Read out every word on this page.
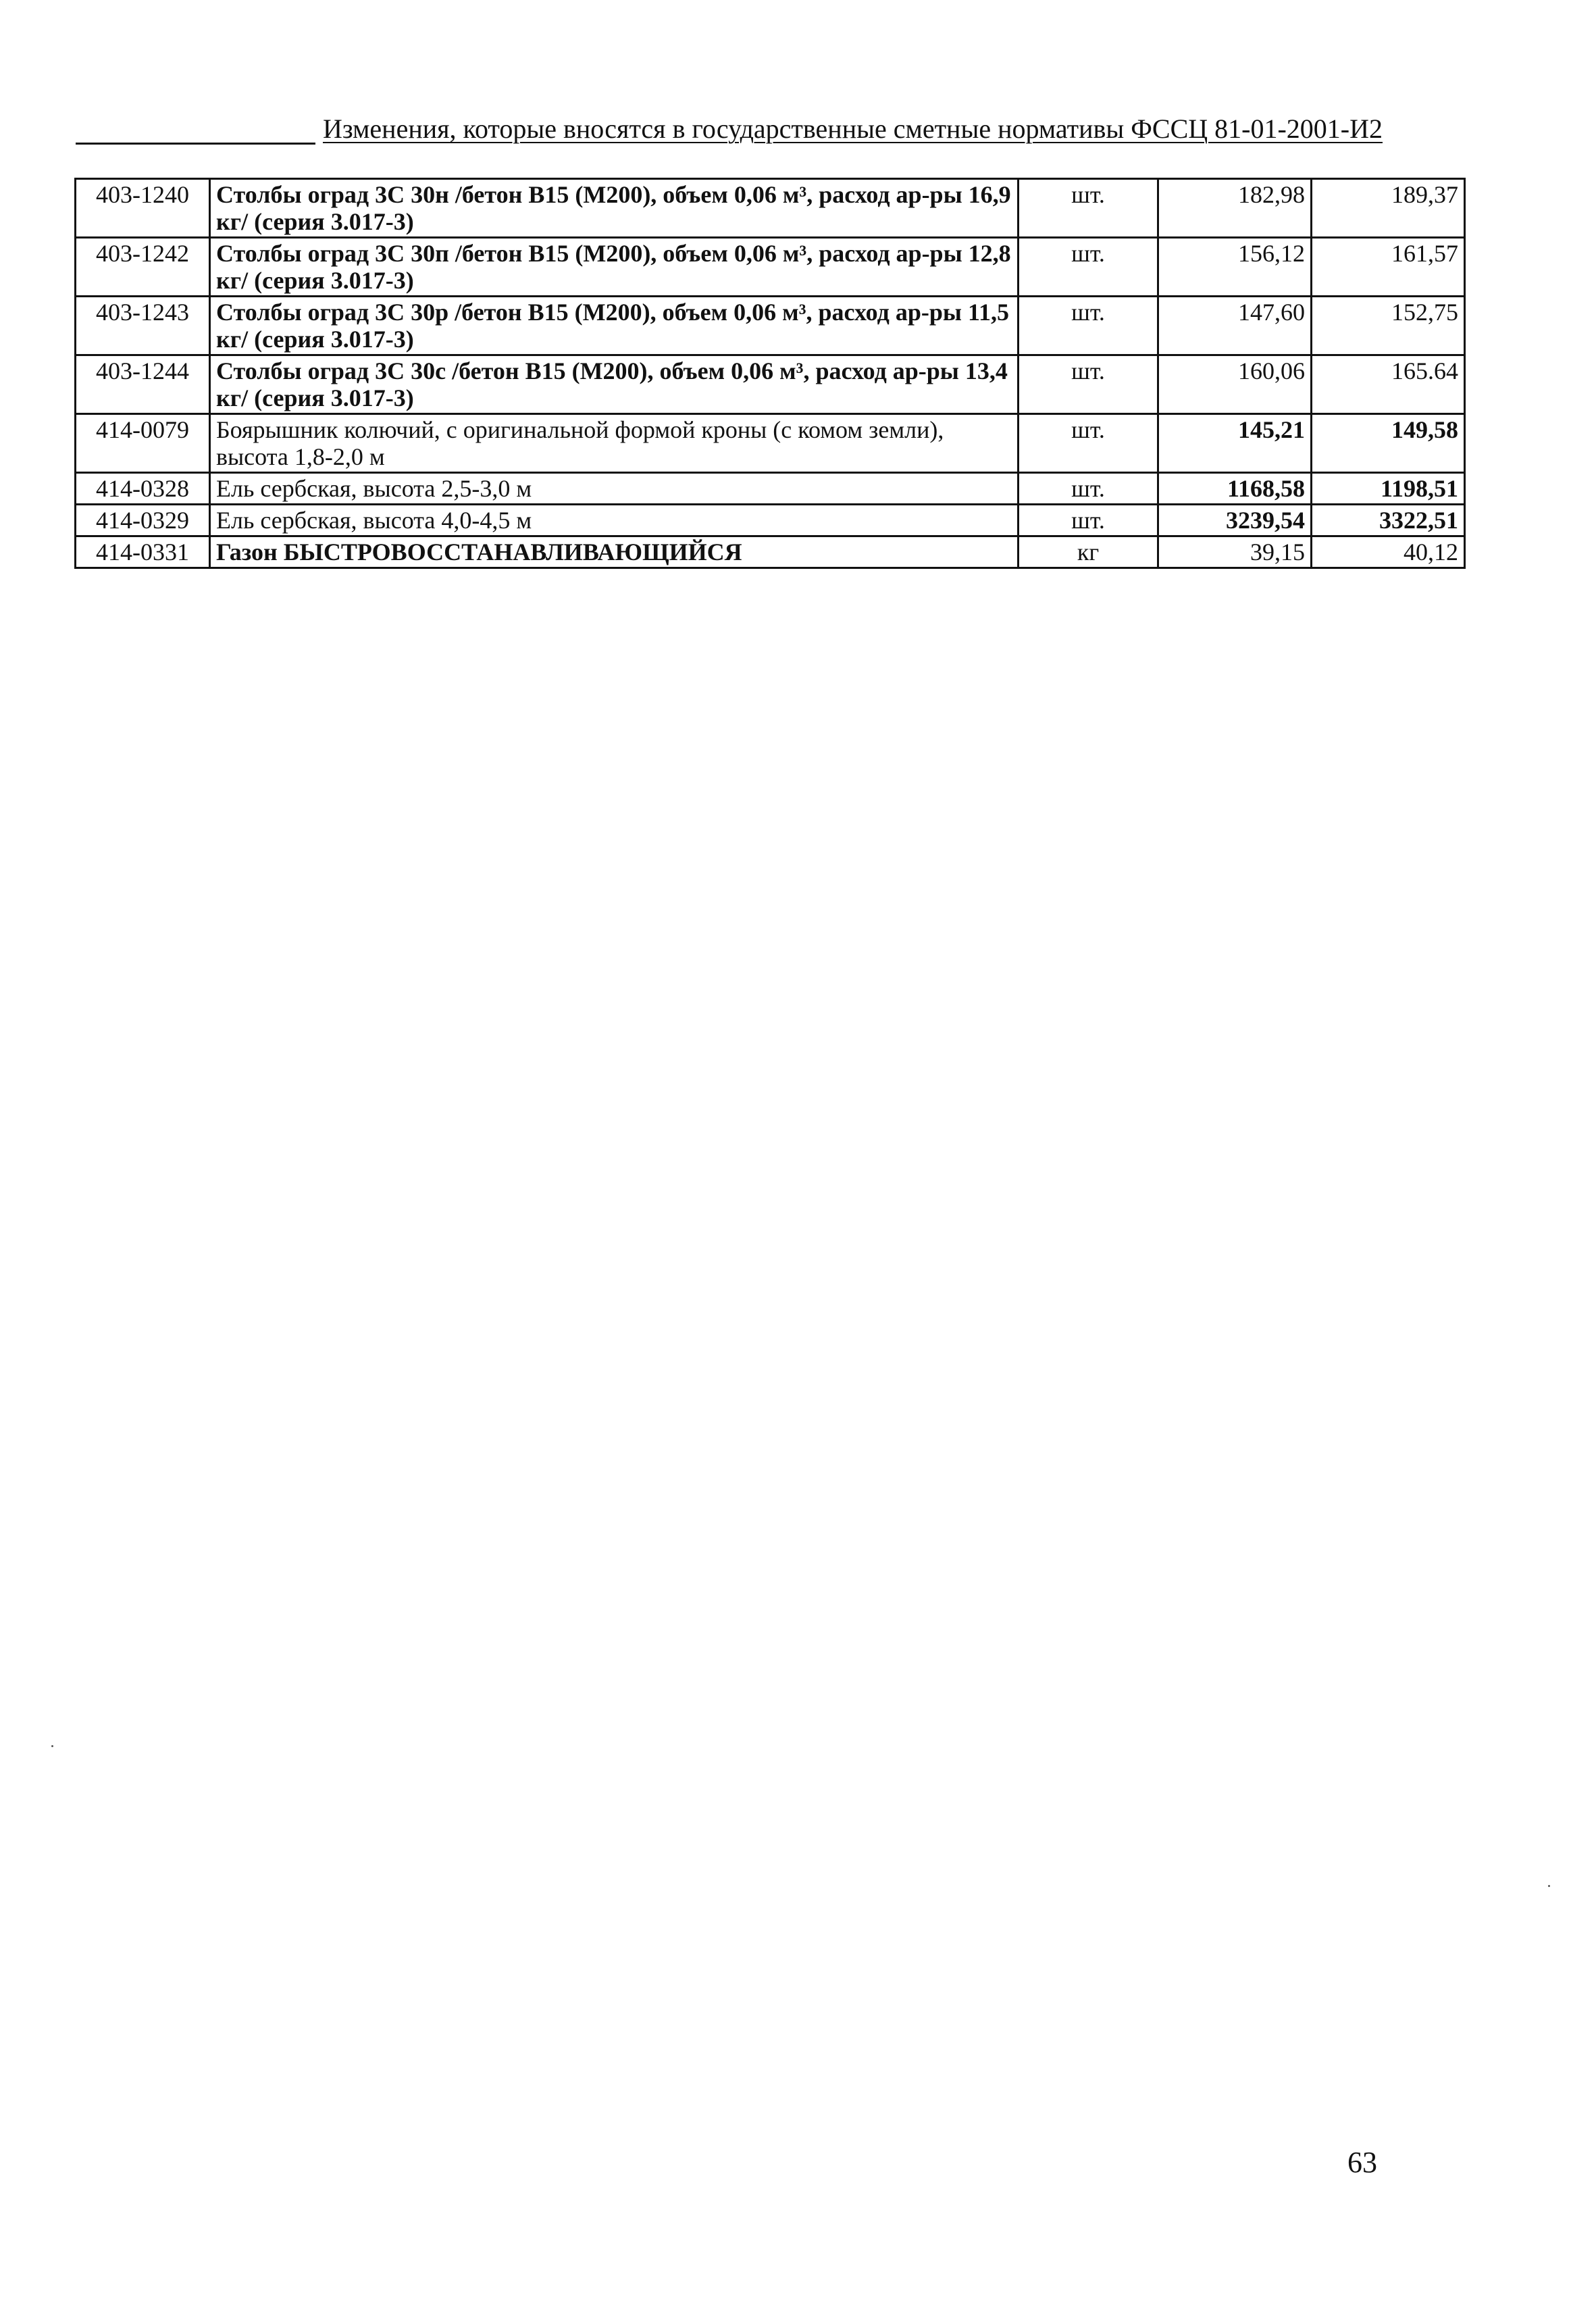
Изменения, которые вносятся в государственные сметные нормативы ФССЦ 81-01-2001-И2
403-1240	Столбы оград 3С 30н /бетон В15 (М200), объем 0,06 м³, расход ар-ры 16,9 кг/ (серия 3.017-3)	шт.	182,98	189,37
403-1242	Столбы оград 3С 30п /бетон В15 (М200), объем 0,06 м³, расход ар-ры 12,8 кг/ (серия 3.017-3)	шт.	156,12	161,57
403-1243	Столбы оград 3С 30р /бетон В15 (М200), объем 0,06 м³, расход ар-ры 11,5 кг/ (серия 3.017-3)	шт.	147,60	152,75
403-1244	Столбы оград 3С 30с /бетон В15 (М200), объем 0,06 м³, расход ар-ры 13,4 кг/ (серия 3.017-3)	шт.	160,06	165.64
414-0079	Боярышник колючий, с оригинальной формой кроны (с комом земли), высота 1,8-2,0 м	шт.	145,21	149,58
414-0328	Ель сербская, высота 2,5-3,0 м	шт.	1168,58	1198,51
414-0329	Ель сербская, высота 4,0-4,5 м	шт.	3239,54	3322,51
414-0331	Газон БЫСТРОВОССТАНАВЛИВАЮЩИЙСЯ	кг	39,15	40,12
63
